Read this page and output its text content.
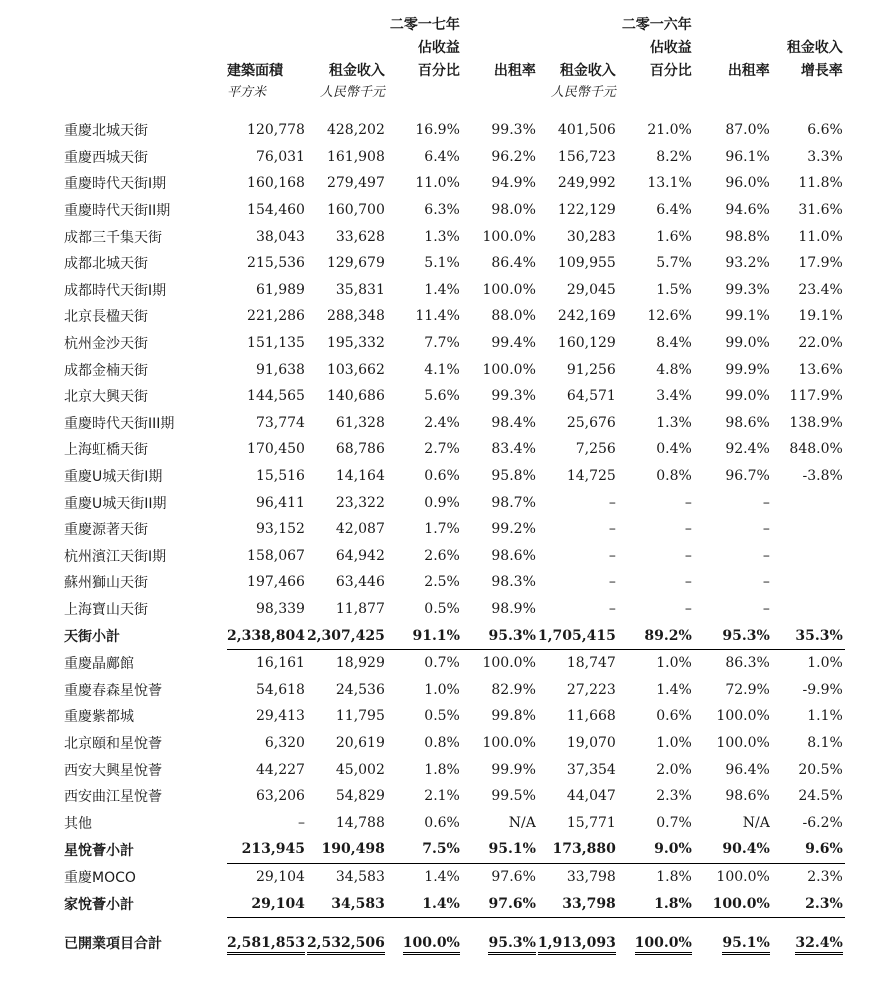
			二零一七年			二零一六年		
			佔收益			佔收益		租金收入
	建築面積	租金收入	百分比	出租率	租金收入	百分比	出租率	增長率
	平方米	人民幣千元			人民幣千元			
重慶北城天街	120,778	428,202	16.9%	99.3%	401,506	21.0%	87.0%	6.6%
重慶西城天街	76,031	161,908	6.4%	96.2%	156,723	8.2%	96.1%	3.3%
重慶時代天街I期	160,168	279,497	11.0%	94.9%	249,992	13.1%	96.0%	11.8%
重慶時代天街II期	154,460	160,700	6.3%	98.0%	122,129	6.4%	94.6%	31.6%
成都三千集天街	38,043	33,628	1.3%	100.0%	30,283	1.6%	98.8%	11.0%
成都北城天街	215,536	129,679	5.1%	86.4%	109,955	5.7%	93.2%	17.9%
成都時代天街I期	61,989	35,831	1.4%	100.0%	29,045	1.5%	99.3%	23.4%
北京長楹天街	221,286	288,348	11.4%	88.0%	242,169	12.6%	99.1%	19.1%
杭州金沙天街	151,135	195,332	7.7%	99.4%	160,129	8.4%	99.0%	22.0%
成都金楠天街	91,638	103,662	4.1%	100.0%	91,256	4.8%	99.9%	13.6%
北京大興天街	144,565	140,686	5.6%	99.3%	64,571	3.4%	99.0%	117.9%
重慶時代天街III期	73,774	61,328	2.4%	98.4%	25,676	1.3%	98.6%	138.9%
上海虹橋天街	170,450	68,786	2.7%	83.4%	7,256	0.4%	92.4%	848.0%
重慶U城天街I期	15,516	14,164	0.6%	95.8%	14,725	0.8%	96.7%	-3.8%
重慶U城天街II期	96,411	23,322	0.9%	98.7%	–	–	–	
重慶源著天街	93,152	42,087	1.7%	99.2%	–	–	–	
杭州濱江天街I期	158,067	64,942	2.6%	98.6%	–	–	–	
蘇州獅山天街	197,466	63,446	2.5%	98.3%	–	–	–	
上海寶山天街	98,339	11,877	0.5%	98.9%	–	–	–	
天街小計	2,338,804	2,307,425	91.1%	95.3%	1,705,415	89.2%	95.3%	35.3%
重慶晶鄺館	16,161	18,929	0.7%	100.0%	18,747	1.0%	86.3%	1.0%
重慶春森星悅薈	54,618	24,536	1.0%	82.9%	27,223	1.4%	72.9%	-9.9%
重慶紫都城	29,413	11,795	0.5%	99.8%	11,668	0.6%	100.0%	1.1%
北京頤和星悅薈	6,320	20,619	0.8%	100.0%	19,070	1.0%	100.0%	8.1%
西安大興星悅薈	44,227	45,002	1.8%	99.9%	37,354	2.0%	96.4%	20.5%
西安曲江星悅薈	63,206	54,829	2.1%	99.5%	44,047	2.3%	98.6%	24.5%
其他	–	14,788	0.6%	N/A	15,771	0.7%	N/A	-6.2%
星悅薈小計	213,945	190,498	7.5%	95.1%	173,880	9.0%	90.4%	9.6%
重慶MOCO	29,104	34,583	1.4%	97.6%	33,798	1.8%	100.0%	2.3%
家悅薈小計	29,104	34,583	1.4%	97.6%	33,798	1.8%	100.0%	2.3%

已開業項目合計	2,581,853	2,532,506	100.0%	95.3%	1,913,093	100.0%	95.1%	32.4%
